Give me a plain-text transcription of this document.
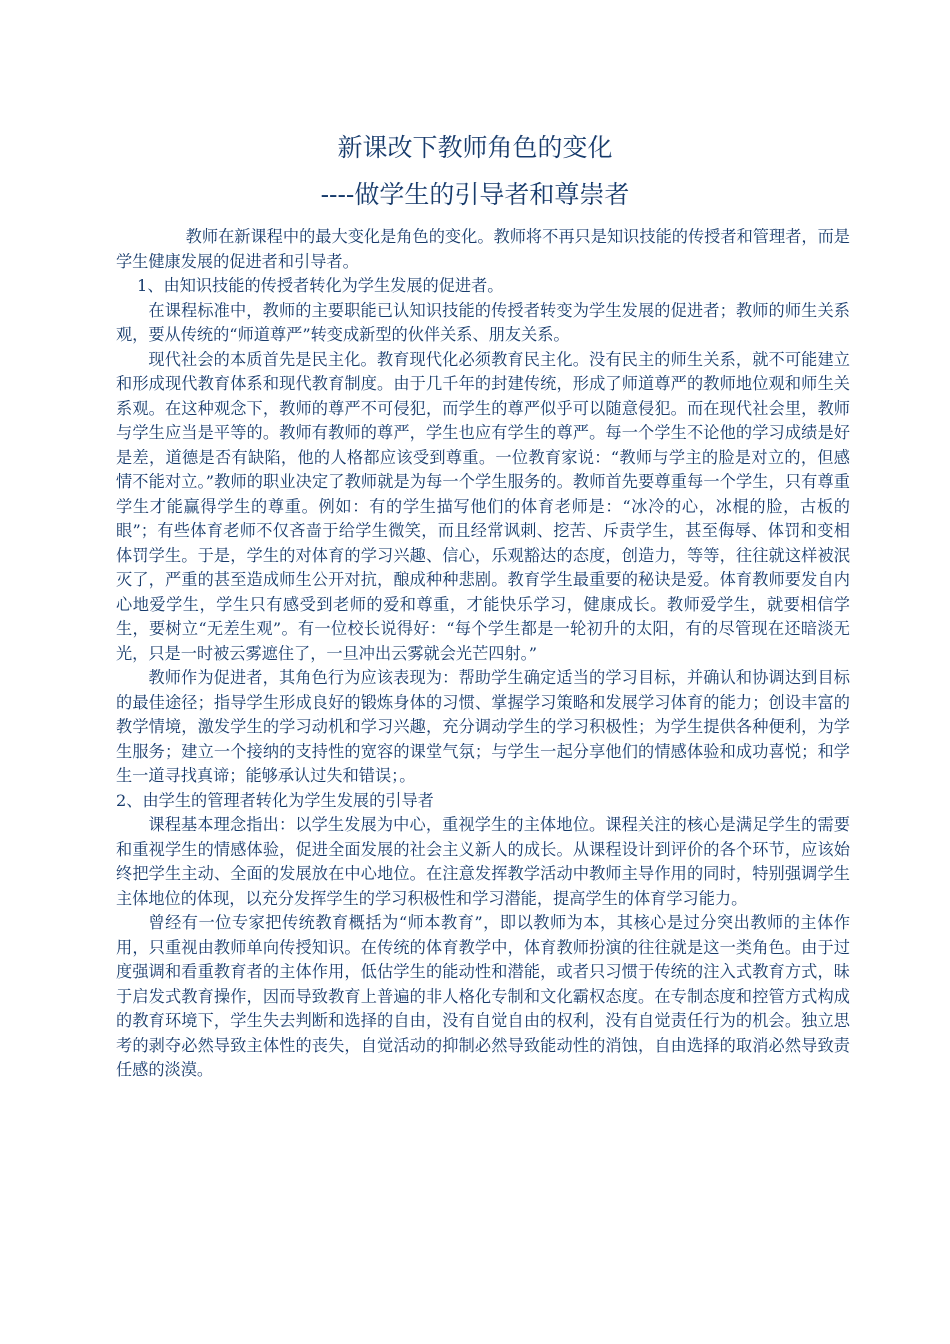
新课改下教师角色的变化
----做学生的引导者和尊崇者

教师在新课程中的最大变化是角色的变化。教师将不再只是知识技能的传授者和管理者，而是学生健康发展的促进者和引导者。

1、由知识技能的传授者转化为学生发展的促进者。

在课程标准中，教师的主要职能已认知识技能的传授者转变为学生发展的促进者；教师的师生关系观，要从传统的“师道尊严”转变成新型的伙伴关系、朋友关系。

现代社会的本质首先是民主化。教育现代化必须教育民主化。没有民主的师生关系，就不可能建立和形成现代教育体系和现代教育制度。由于几千年的封建传统，形成了师道尊严的教师地位观和师生关系观。在这种观念下，教师的尊严不可侵犯，而学生的尊严似乎可以随意侵犯。而在现代社会里，教师与学生应当是平等的。教师有教师的尊严，学生也应有学生的尊严。每一个学生不论他的学习成绩是好是差，道德是否有缺陷，他的人格都应该受到尊重。一位教育家说：“教师与学主的脸是对立的，但感情不能对立。”教师的职业决定了教师就是为每一个学生服务的。教师首先要尊重每一个学生，只有尊重学生才能赢得学生的尊重。例如：有的学生描写他们的体育老师是：“冰冷的心，冰棍的脸，古板的眼”；有些体育老师不仅吝啬于给学生微笑，而且经常讽刺、挖苦、斥责学生，甚至侮辱、体罚和变相体罚学生。于是，学生的对体育的学习兴趣、信心，乐观豁达的态度，创造力，等等，往往就这样被泯灭了，严重的甚至造成师生公开对抗，酿成种种悲剧。教育学生最重要的秘诀是爱。体育教师要发自内心地爱学生，学生只有感受到老师的爱和尊重，才能快乐学习，健康成长。教师爱学生，就要相信学生，要树立“无差生观”。有一位校长说得好：“每个学生都是一轮初升的太阳，有的尽管现在还暗淡无光，只是一时被云雾遮住了，一旦冲出云雾就会光芒四射。”

教师作为促进者，其角色行为应该表现为：帮助学生确定适当的学习目标，并确认和协调达到目标的最佳途径；指导学生形成良好的锻炼身体的习惯、掌握学习策略和发展学习体育的能力；创设丰富的教学情境，激发学生的学习动机和学习兴趣，充分调动学生的学习积极性；为学生提供各种便利，为学生服务；建立一个接纳的支持性的宽容的课堂气氛；与学生一起分享他们的情感体验和成功喜悦；和学生一道寻找真谛；能够承认过失和错误；。

2、由学生的管理者转化为学生发展的引导者

课程基本理念指出：以学生发展为中心，重视学生的主体地位。课程关注的核心是满足学生的需要和重视学生的情感体验，促进全面发展的社会主义新人的成长。从课程设计到评价的各个环节，应该始终把学生主动、全面的发展放在中心地位。在注意发挥教学活动中教师主导作用的同时，特别强调学生主体地位的体现，以充分发挥学生的学习积极性和学习潜能，提高学生的体育学习能力。

曾经有一位专家把传统教育概括为“师本教育”，即以教师为本，其核心是过分突出教师的主体作用，只重视由教师单向传授知识。在传统的体育教学中，体育教师扮演的往往就是这一类角色。由于过度强调和看重教育者的主体作用，低估学生的能动性和潜能，或者只习惯于传统的注入式教育方式，昧于启发式教育操作，因而导致教育上普遍的非人格化专制和文化霸权态度。在专制态度和控管方式构成的教育环境下，学生失去判断和选择的自由，没有自觉自由的权利，没有自觉责任行为的机会。独立思考的剥夺必然导致主体性的丧失，自觉活动的抑制必然导致能动性的消蚀，自由选择的取消必然导致责任感的淡漠。
